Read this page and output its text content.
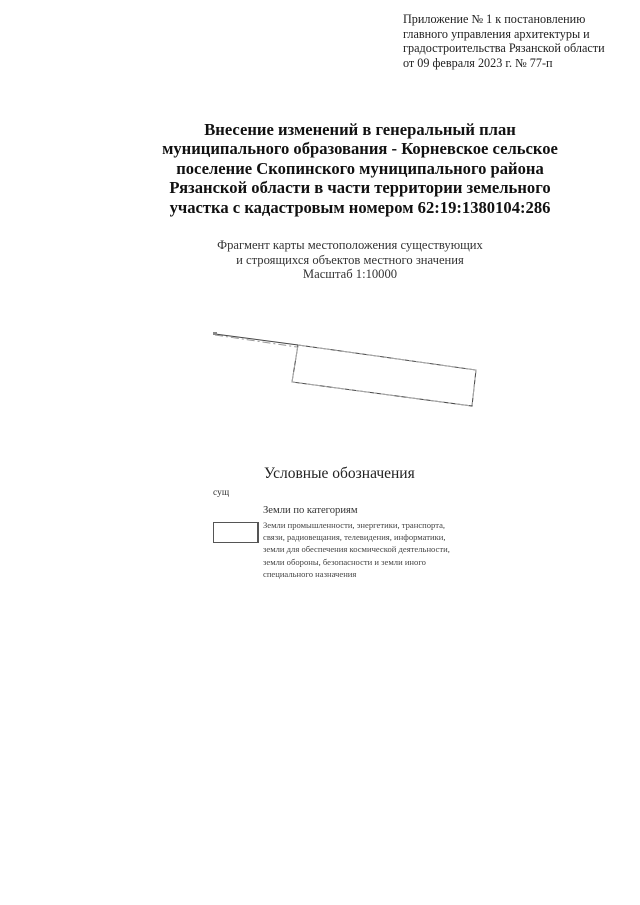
Приложение № 1 к постановлению
главного управления архитектуры и
градостроительства Рязанской области
от 09 февраля 2023 г. № 77-п
Внесение изменений в генеральный план
муниципального образования - Корневское сельское
поселение Скопинского муниципального района
Рязанской области в части территории земельного
участка с кадастровым номером 62:19:1380104:286
Фрагмент карты местоположения существующих
и строящихся объектов местного значения
Масштаб 1:10000
Условные обозначения
сущ
Земли по категориям
Земли промышленности, энергетики, транспорта,
связи, радиовещания, телевидения, информатики,
земли для обеспечения космической деятельности,
земли обороны, безопасности и земли иного
специального назначения
